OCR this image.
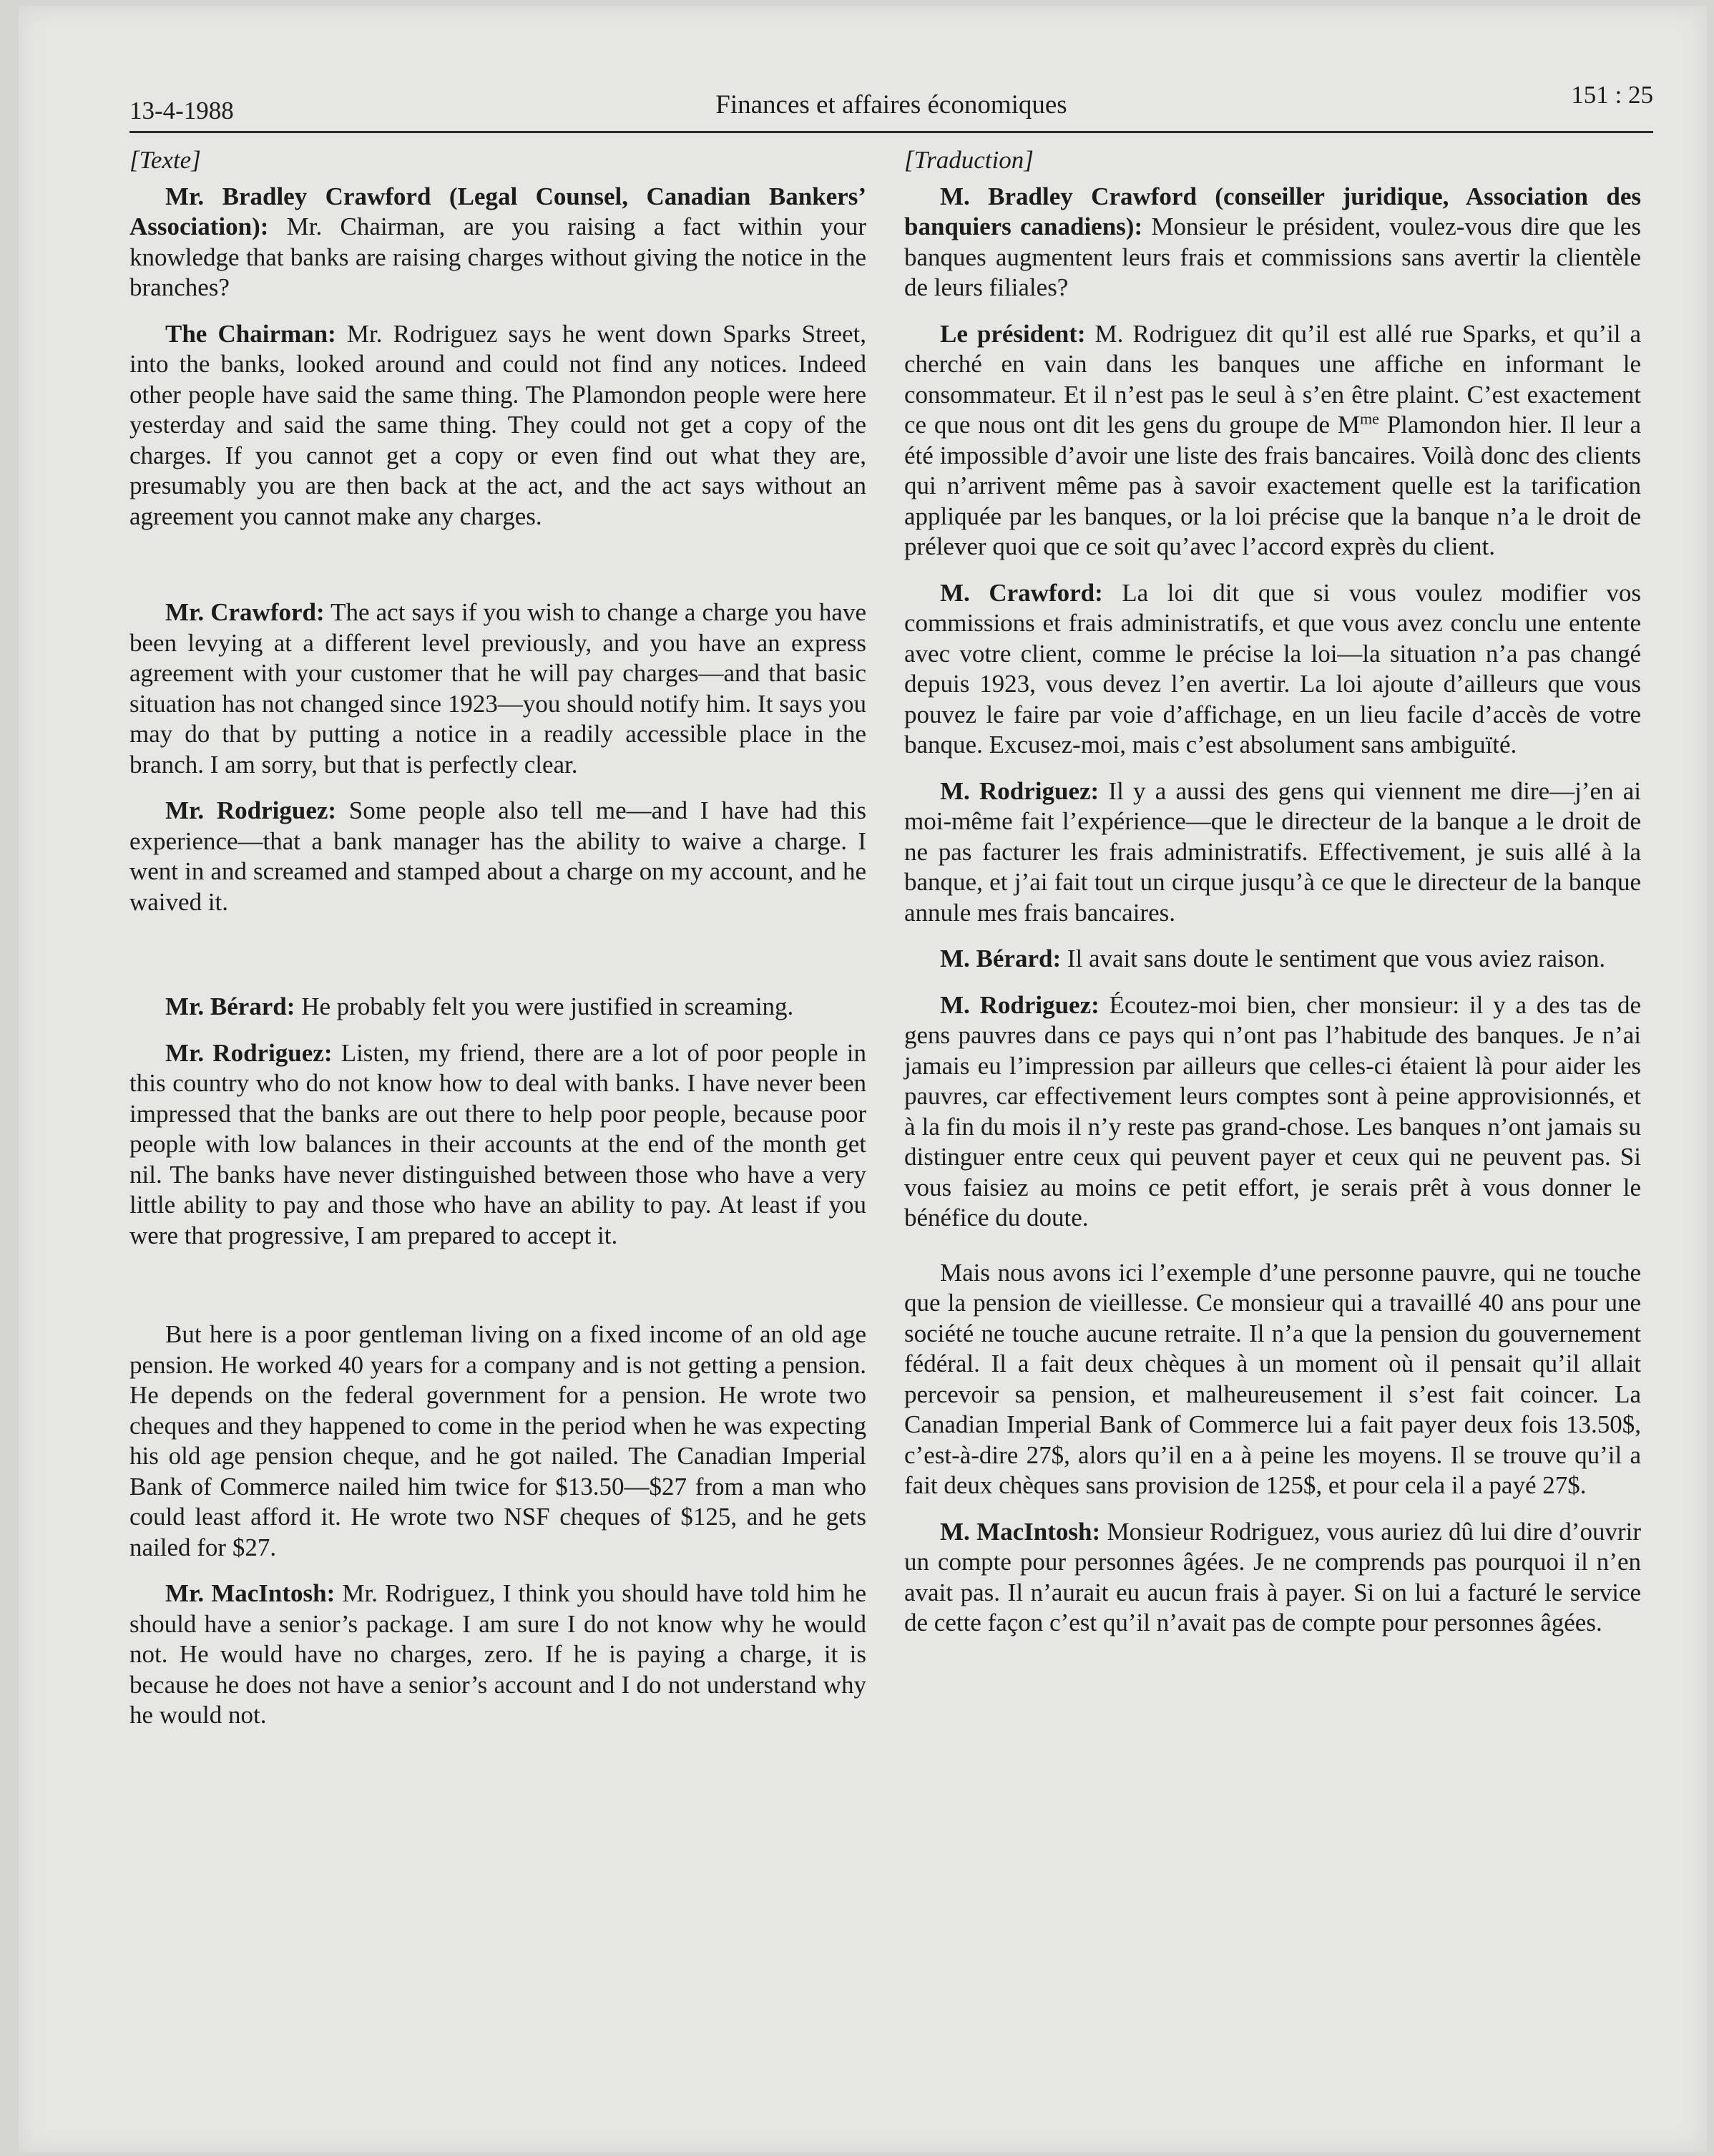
13-4-1988	Finances et affaires économiques	151 : 25

[Texte]

Mr. Bradley Crawford (Legal Counsel, Canadian Bankers’ Association): Mr. Chairman, are you raising a fact within your knowledge that banks are raising charges without giving the notice in the branches?

The Chairman: Mr. Rodriguez says he went down Sparks Street, into the banks, looked around and could not find any notices. Indeed other people have said the same thing. The Plamondon people were here yesterday and said the same thing. They could not get a copy of the charges. If you cannot get a copy or even find out what they are, presumably you are then back at the act, and the act says without an agreement you cannot make any charges.

Mr. Crawford: The act says if you wish to change a charge you have been levying at a different level previously, and you have an express agreement with your customer that he will pay charges—and that basic situation has not changed since 1923—you should notify him. It says you may do that by putting a notice in a readily accessible place in the branch. I am sorry, but that is perfectly clear.

Mr. Rodriguez: Some people also tell me—and I have had this experience—that a bank manager has the ability to waive a charge. I went in and screamed and stamped about a charge on my account, and he waived it.

Mr. Bérard: He probably felt you were justified in screaming.

Mr. Rodriguez: Listen, my friend, there are a lot of poor people in this country who do not know how to deal with banks. I have never been impressed that the banks are out there to help poor people, because poor people with low balances in their accounts at the end of the month get nil. The banks have never distinguished between those who have a very little ability to pay and those who have an ability to pay. At least if you were that progressive, I am prepared to accept it.

But here is a poor gentleman living on a fixed income of an old age pension. He worked 40 years for a company and is not getting a pension. He depends on the federal government for a pension. He wrote two cheques and they happened to come in the period when he was expecting his old age pension cheque, and he got nailed. The Canadian Imperial Bank of Commerce nailed him twice for $13.50—$27 from a man who could least afford it. He wrote two NSF cheques of $125, and he gets nailed for $27.

Mr. MacIntosh: Mr. Rodriguez, I think you should have told him he should have a senior’s package. I am sure I do not know why he would not. He would have no charges, zero. If he is paying a charge, it is because he does not have a senior’s account and I do not understand why he would not.

[Traduction]

M. Bradley Crawford (conseiller juridique, Association des banquiers canadiens): Monsieur le président, voulez-vous dire que les banques augmentent leurs frais et commissions sans avertir la clientèle de leurs filiales?

Le président: M. Rodriguez dit qu’il est allé rue Sparks, et qu’il a cherché en vain dans les banques une affiche en informant le consommateur. Et il n’est pas le seul à s’en être plaint. C’est exactement ce que nous ont dit les gens du groupe de $M^{me}$ Plamondon hier. Il leur a été impossible d’avoir une liste des frais bancaires. Voilà donc des clients qui n’arrivent même pas à savoir exactement quelle est la tarification appliquée par les banques, or la loi précise que la banque n’a le droit de prélever quoi que ce soit qu’avec l’accord exprès du client.

M. Crawford: La loi dit que si vous voulez modifier vos commissions et frais administratifs, et que vous avez conclu une entente avec votre client, comme le précise la loi—la situation n’a pas changé depuis 1923, vous devez l’en avertir. La loi ajoute d’ailleurs que vous pouvez le faire par voie d’affichage, en un lieu facile d’accès de votre banque. Excusez-moi, mais c’est absolument sans ambiguïté.

M. Rodriguez: Il y a aussi des gens qui viennent me dire—j’en ai moi-même fait l’expérience—que le directeur de la banque a le droit de ne pas facturer les frais administratifs. Effectivement, je suis allé à la banque, et j’ai fait tout un cirque jusqu’à ce que le directeur de la banque annule mes frais bancaires.

M. Bérard: Il avait sans doute le sentiment que vous aviez raison.

M. Rodriguez: Écoutez-moi bien, cher monsieur: il y a des tas de gens pauvres dans ce pays qui n’ont pas l’habitude des banques. Je n’ai jamais eu l’impression par ailleurs que celles-ci étaient là pour aider les pauvres, car effectivement leurs comptes sont à peine approvisionnés, et à la fin du mois il n’y reste pas grand-chose. Les banques n’ont jamais su distinguer entre ceux qui peuvent payer et ceux qui ne peuvent pas. Si vous faisiez au moins ce petit effort, je serais prêt à vous donner le bénéfice du doute.

Mais nous avons ici l’exemple d’une personne pauvre, qui ne touche que la pension de vieillesse. Ce monsieur qui a travaillé 40 ans pour une société ne touche aucune retraite. Il n’a que la pension du gouvernement fédéral. Il a fait deux chèques à un moment où il pensait qu’il allait percevoir sa pension, et malheureusement il s’est fait coincer. La Canadian Imperial Bank of Commerce lui a fait payer deux fois 13.50$, c’est-à-dire 27$, alors qu’il en a à peine les moyens. Il se trouve qu’il a fait deux chèques sans provision de 125$, et pour cela il a payé 27$.

M. MacIntosh: Monsieur Rodriguez, vous auriez dû lui dire d’ouvrir un compte pour personnes âgées. Je ne comprends pas pourquoi il n’en avait pas. Il n’aurait eu aucun frais à payer. Si on lui a facturé le service de cette façon c’est qu’il n’avait pas de compte pour personnes âgées.
